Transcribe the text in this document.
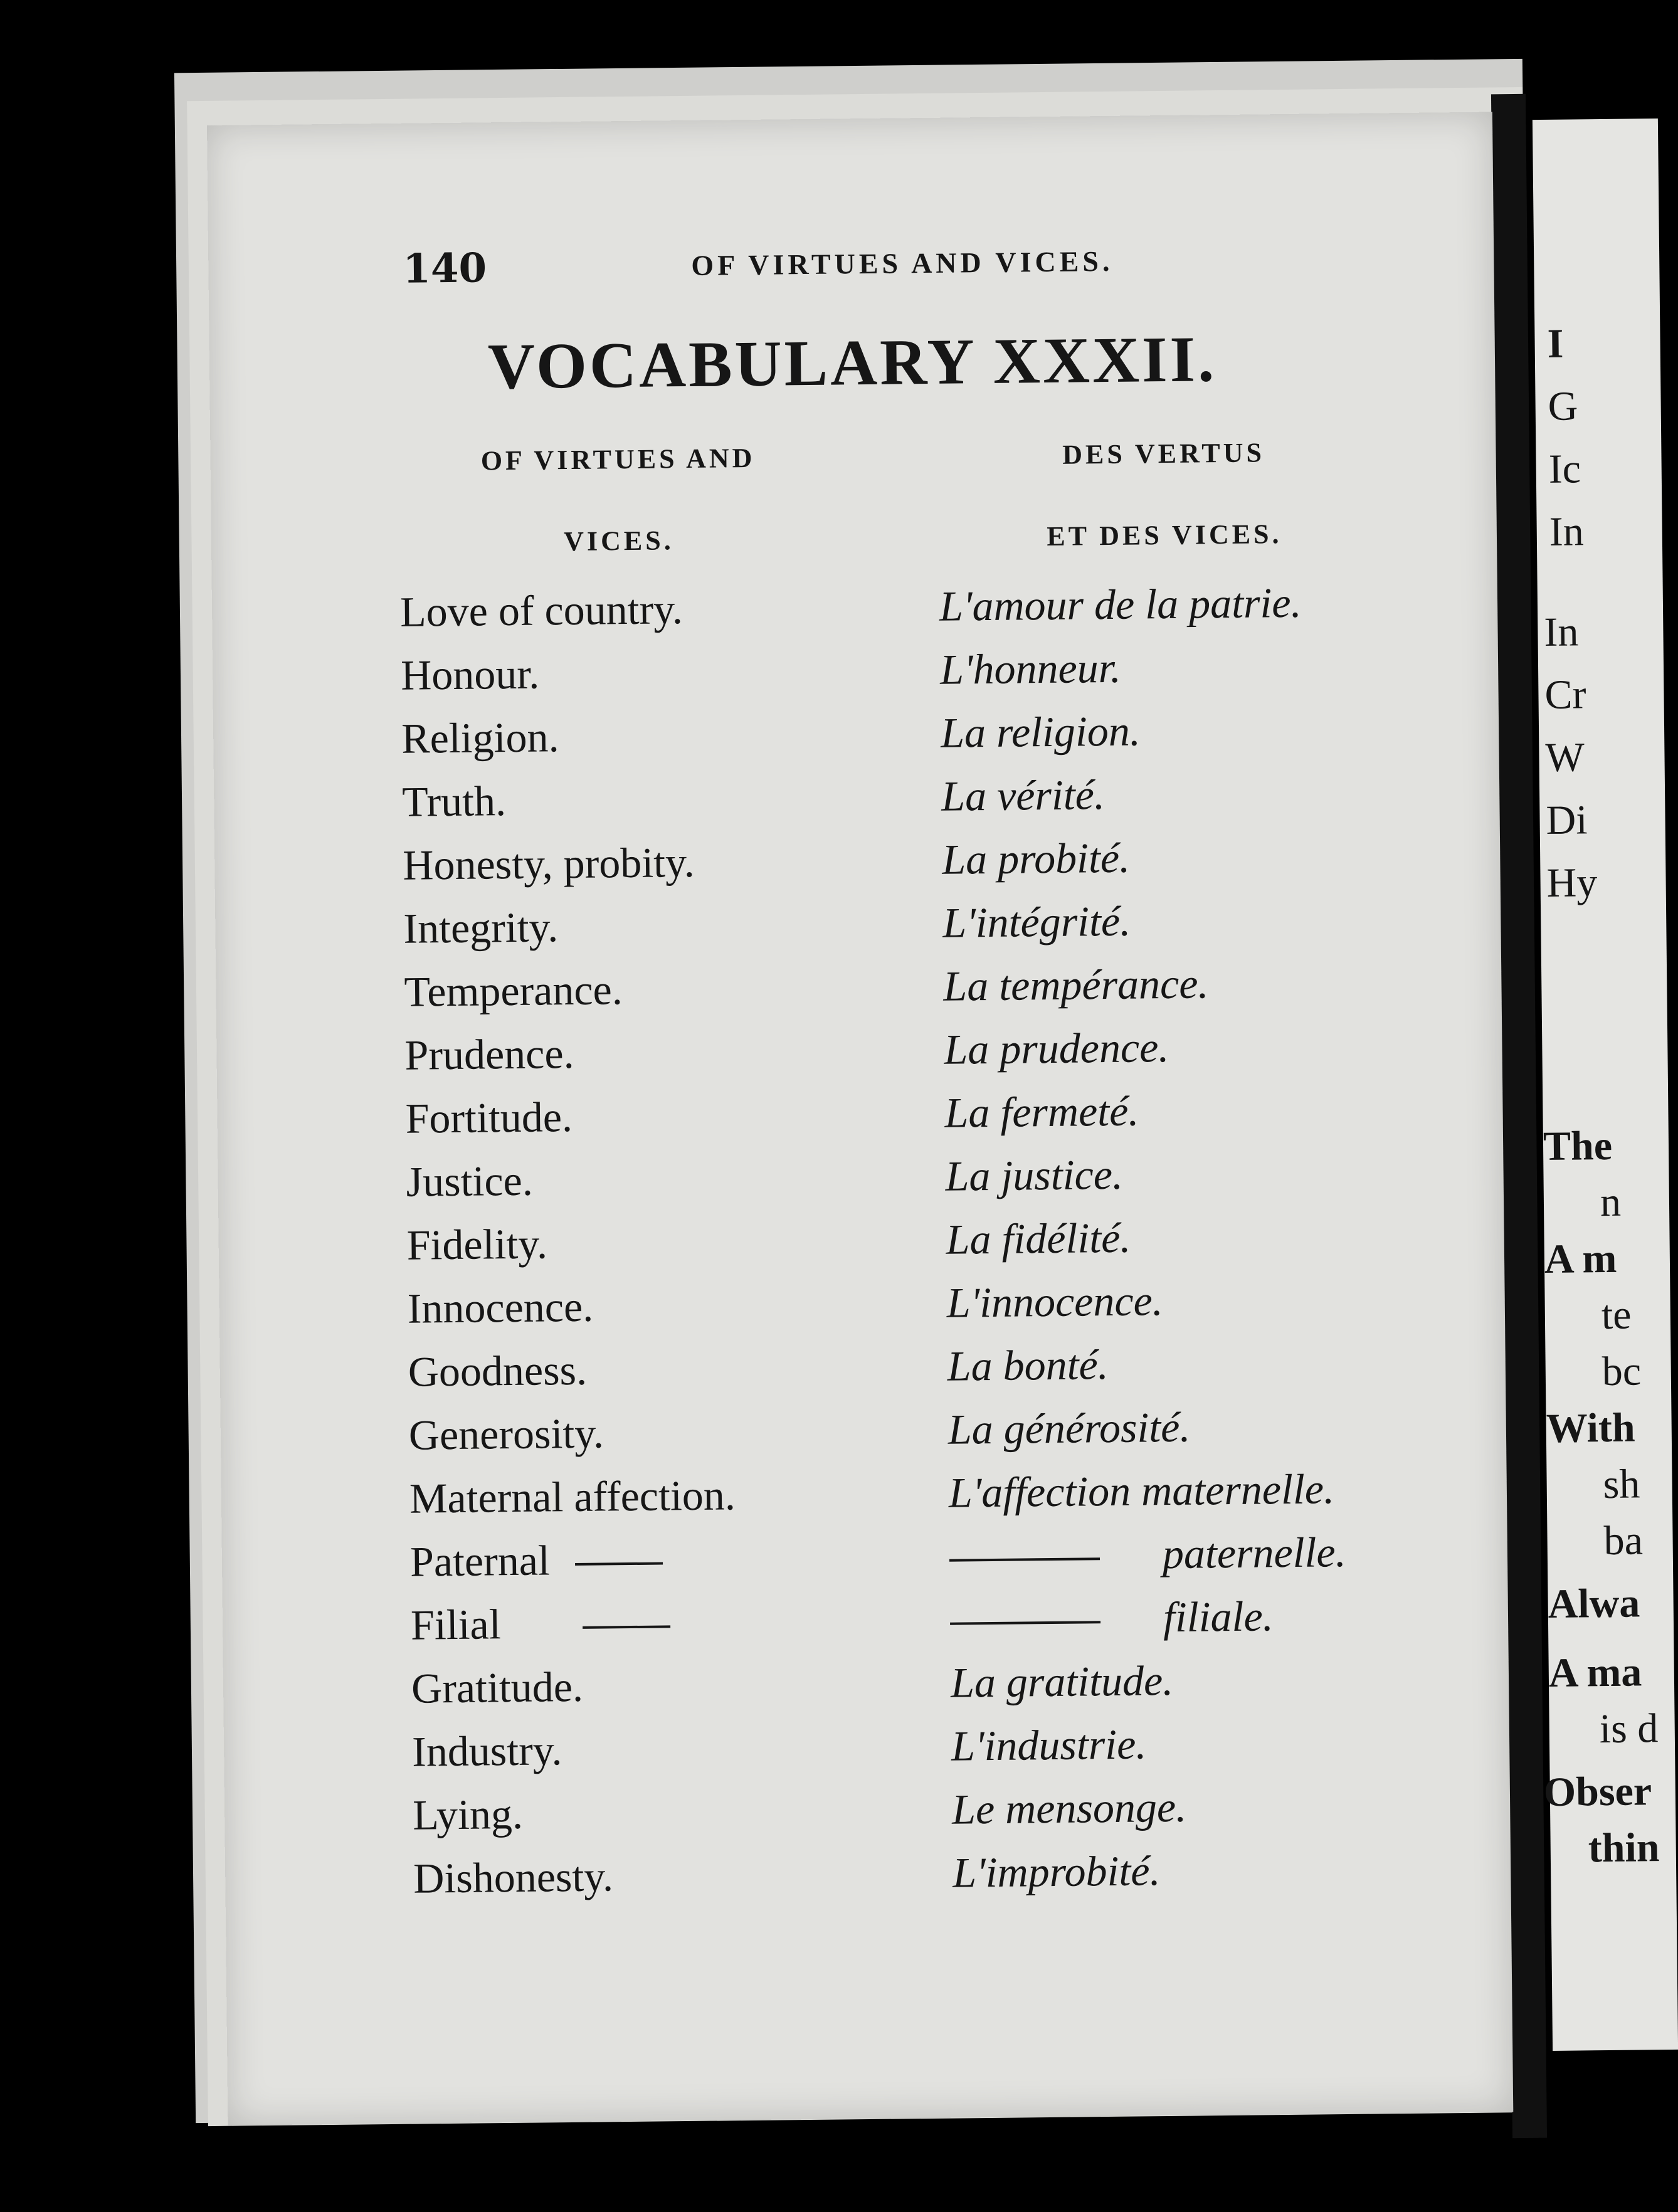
I
G
Ic
In
In
Cr
W
Di
Hy
The
n
A m
te
bc
With
sh
ba
Alwa
A ma
is d
Obser
thin
140	OF VIRTUES AND VICES.
VOCABULARY XXXII.
OF VIRTUES AND
VICES.
DES VERTUS
ET DES VICES.
Love of country.	L'amour de la patrie.
Honour.	L'honneur.
Religion.	La religion.
Truth.	La vérité.
Honesty, probity.	La probité.
Integrity.	L'intégrité.
Temperance.	La tempérance.
Prudence.	La prudence.
Fortitude.	La fermeté.
Justice.	La justice.
Fidelity.	La fidélité.
Innocence.	L'innocence.
Goodness.	La bonté.
Generosity.	La générosité.
Maternal affection.	L'affection maternelle.
Paternal	paternelle.
Filial	filiale.
Gratitude.	La gratitude.
Industry.	L'industrie.
Lying.	Le mensonge.
Dishonesty.	L'improbité.
